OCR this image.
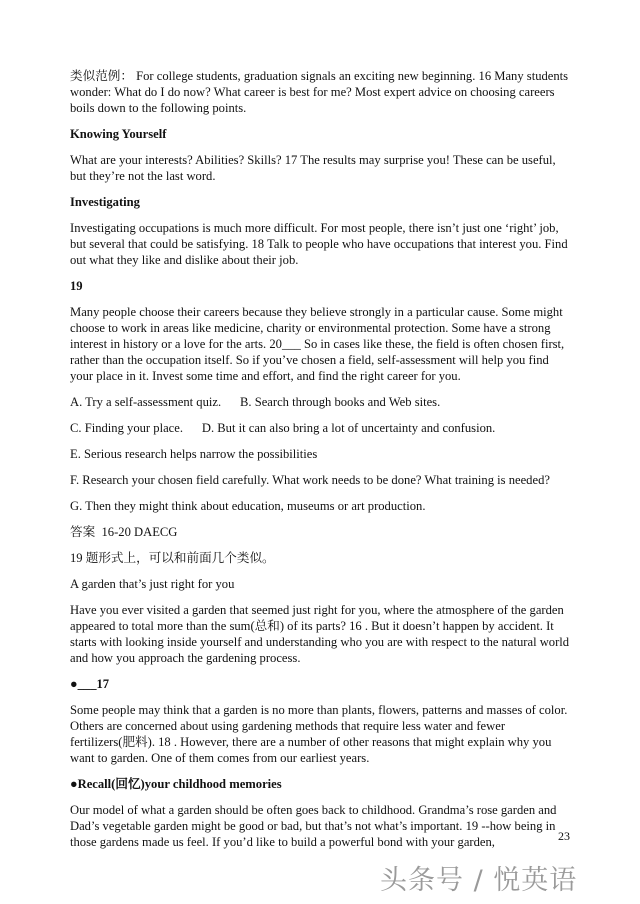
类似范例： For college students, graduation signals an exciting new beginning. 16 Many students wonder: What do I do now? What career is best for me? Most expert advice on choosing careers boils down to the following points.

Knowing Yourself

What are your interests? Abilities? Skills? 17 The results may surprise you! These can be useful, but they’re not the last word.

Investigating

Investigating occupations is much more difficult. For most people, there isn’t just one ‘right’ job, but several that could be satisfying. 18 Talk to people who have occupations that interest you. Find out what they like and dislike about their job.

19

Many people choose their careers because they believe strongly in a particular cause. Some might choose to work in areas like medicine, charity or environmental protection. Some have a strong interest in history or a love for the arts. 20___ So in cases like these, the field is often chosen first, rather than the occupation itself. So if you’ve chosen a field, self-assessment will help you find your place in it. Invest some time and effort, and find the right career for you.

A. Try a self-assessment quiz.      B. Search through books and Web sites.

C. Finding your place.      D. But it can also bring a lot of uncertainty and confusion.

E. Serious research helps narrow the possibilities

F. Research your chosen field carefully. What work needs to be done? What training is needed?

G. Then they might think about education, museums or art production.

答案  16-20 DAECG

19 题形式上，可以和前面几个类似。

A garden that’s just right for you

Have you ever visited a garden that seemed just right for you, where the atmosphere of the garden appeared to total more than the sum(总和) of its parts? 16 . But it doesn’t happen by accident. It starts with looking inside yourself and understanding who you are with respect to the natural world and how you approach the gardening process.

●___17

Some people may think that a garden is no more than plants, flowers, patterns and masses of color. Others are concerned about using gardening methods that require less water and fewer fertilizers(肥料). 18 . However, there are a number of other reasons that might explain why you want to garden. One of them comes from our earliest years.

●Recall(回忆)your childhood memories

Our model of what a garden should be often goes back to childhood. Grandma’s rose garden and Dad’s vegetable garden might be good or bad, but that’s not what’s important. 19 --how being in those gardens made us feel. If you’d like to build a powerful bond with your garden,	23
头条号 / 悦英语
